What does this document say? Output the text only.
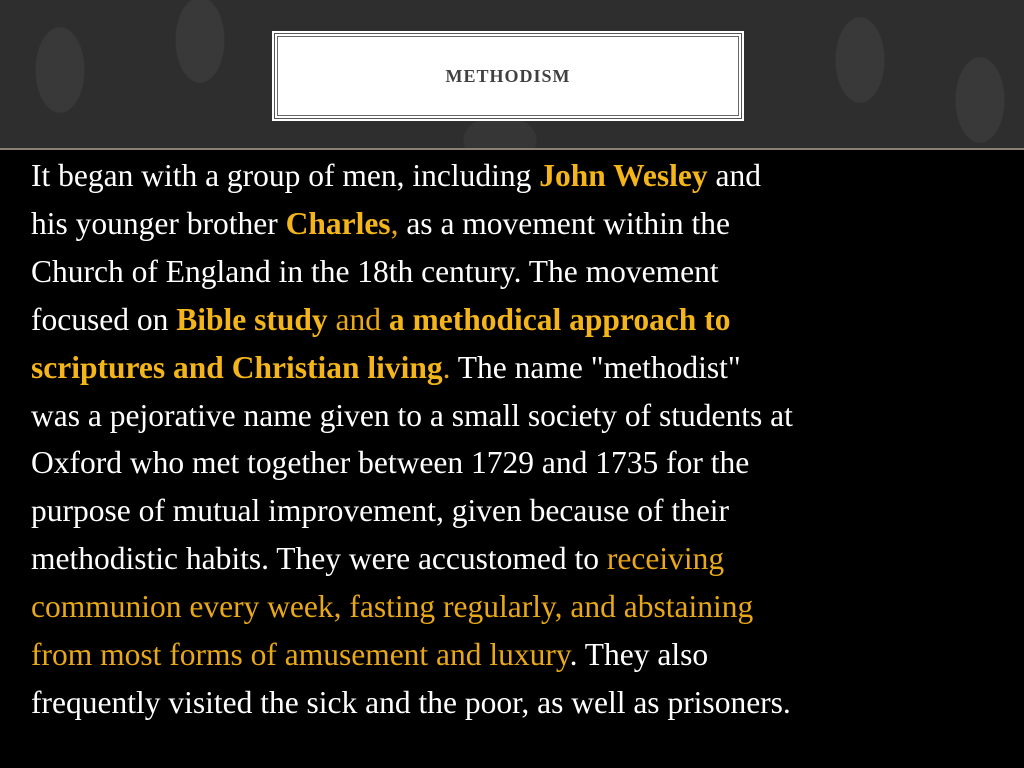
METHODISM
It began with a group of men, including John Wesley and
his younger brother Charles, as a movement within the
Church of England in the 18th century. The movement
focused on Bible study and a methodical approach to
scriptures and Christian living. The name "methodist"
was a pejorative name given to a small society of students at
Oxford who met together between 1729 and 1735 for the
purpose of mutual improvement, given because of their
methodistic habits. They were accustomed to receiving
communion every week, fasting regularly, and abstaining
from most forms of amusement and luxury. They also
frequently visited the sick and the poor, as well as prisoners.
